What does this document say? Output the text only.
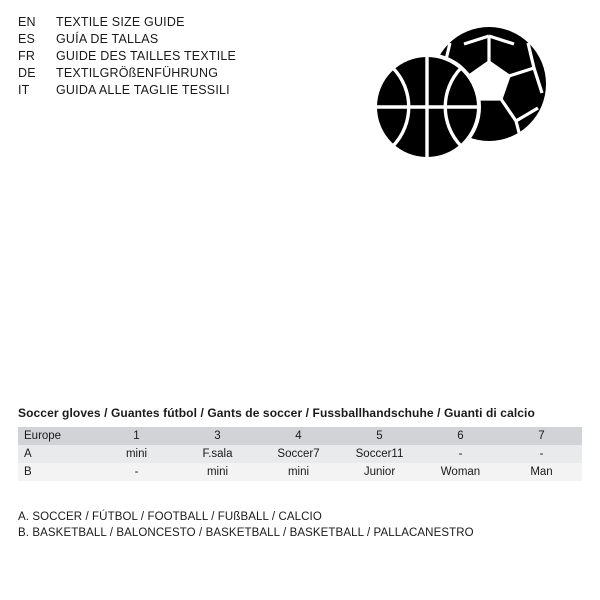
EN	TEXTILE SIZE GUIDE
ES	GUÍA DE TALLAS
FR	GUIDE DES TAILLES TEXTILE
DE	TEXTILGRÖßENFÜHRUNG
IT	GUIDA ALLE TAGLIE TESSILI
Soccer gloves / Guantes fútbol / Gants de soccer / Fussballhandschuhe / Guanti di calcio
Europe	1	3	4	5	6	7
A	mini	F.sala	Soccer7	Soccer11	-	-
B	-	mini	mini	Junior	Woman	Man
A. SOCCER / FÚTBOL / FOOTBALL / FUßBALL / CALCIO
B. BASKETBALL / BALONCESTO / BASKETBALL / BASKETBALL / PALLACANESTRO
